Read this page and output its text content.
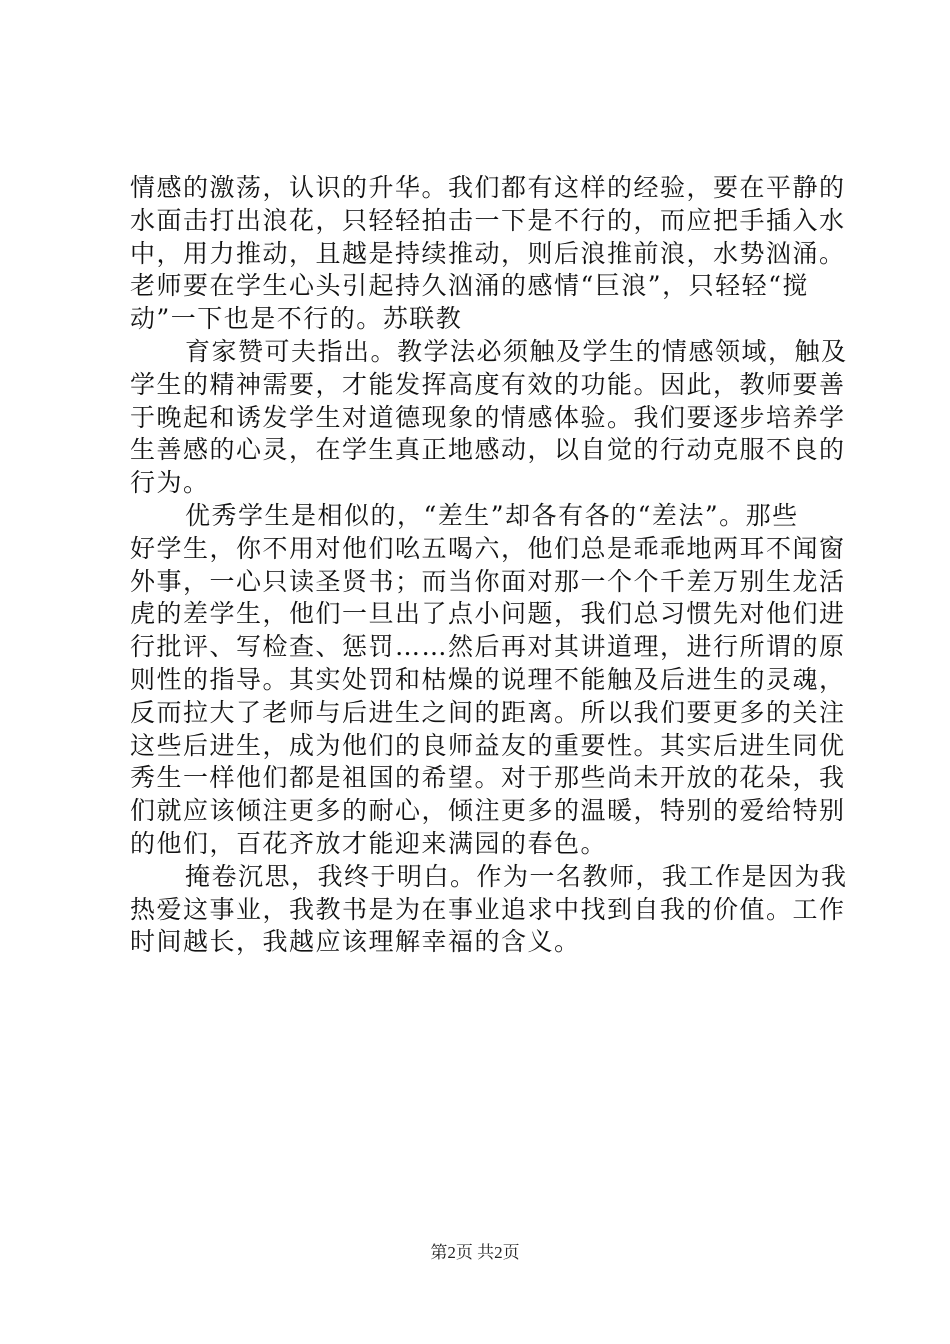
情感的激荡，认识的升华。我们都有这样的经验，要在平静的
水面击打出浪花，只轻轻拍击一下是不行的，而应把手插入水
中，用力推动，且越是持续推动，则后浪推前浪，水势汹涌。
老师要在学生心头引起持久汹涌的感情“巨浪”，只轻轻“搅
动”一下也是不行的。苏联教
育家赞可夫指出。教学法必须触及学生的情感领域，触及
学生的精神需要，才能发挥高度有效的功能。因此，教师要善
于晚起和诱发学生对道德现象的情感体验。我们要逐步培养学
生善感的心灵，在学生真正地感动，以自觉的行动克服不良的
行为。
优秀学生是相似的，“差生”却各有各的“差法”。那些
好学生，你不用对他们吆五喝六，他们总是乖乖地两耳不闻窗
外事，一心只读圣贤书；而当你面对那一个个千差万别生龙活
虎的差学生，他们一旦出了点小问题，我们总习惯先对他们进
行批评、写检查、惩罚……然后再对其讲道理，进行所谓的原
则性的指导。其实处罚和枯燥的说理不能触及后进生的灵魂，
反而拉大了老师与后进生之间的距离。所以我们要更多的关注
这些后进生，成为他们的良师益友的重要性。其实后进生同优
秀生一样他们都是祖国的希望。对于那些尚未开放的花朵，我
们就应该倾注更多的耐心，倾注更多的温暖，特别的爱给特别
的他们，百花齐放才能迎来满园的春色。
掩卷沉思，我终于明白。作为一名教师，我工作是因为我
热爱这事业，我教书是为在事业追求中找到自我的价值。工作
时间越长，我越应该理解幸福的含义。
第2页 共2页
